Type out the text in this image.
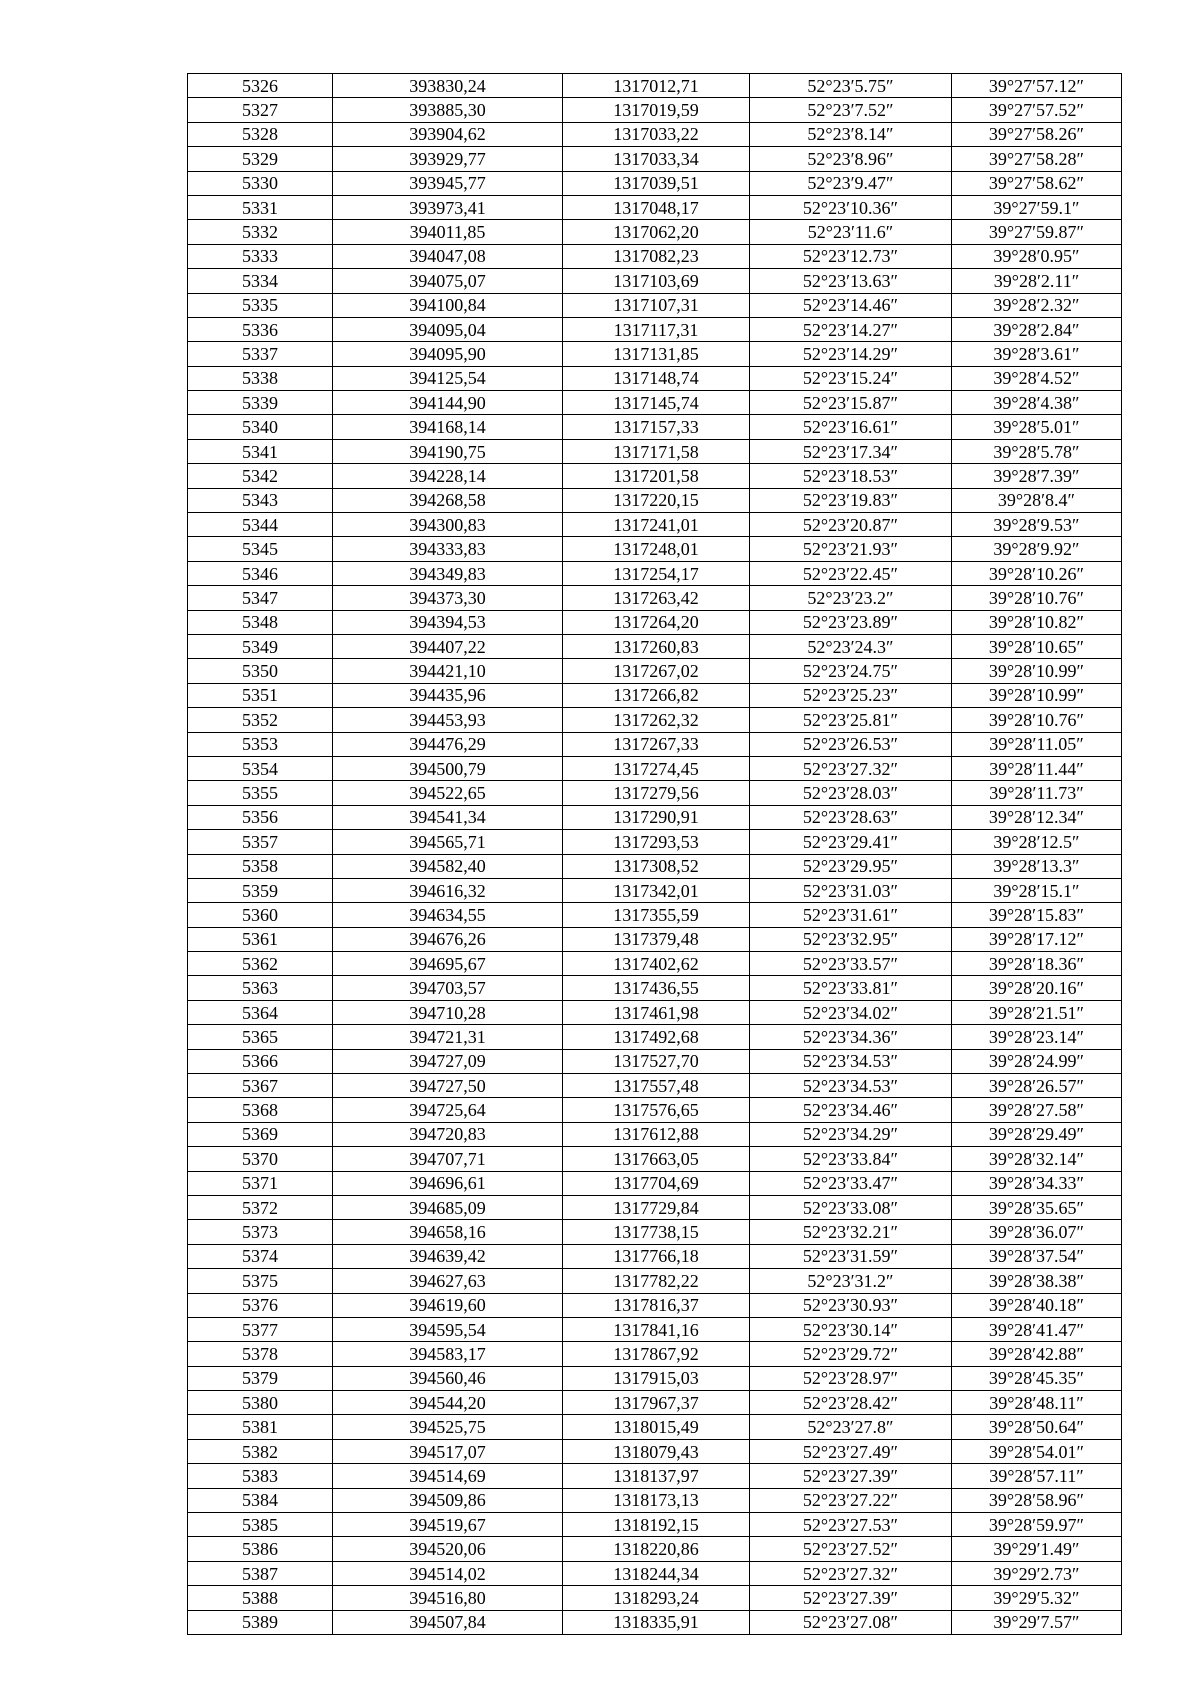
5326	393830,24	1317012,71	52°23′5.75″	39°27′57.12″
5327	393885,30	1317019,59	52°23′7.52″	39°27′57.52″
5328	393904,62	1317033,22	52°23′8.14″	39°27′58.26″
5329	393929,77	1317033,34	52°23′8.96″	39°27′58.28″
5330	393945,77	1317039,51	52°23′9.47″	39°27′58.62″
5331	393973,41	1317048,17	52°23′10.36″	39°27′59.1″
5332	394011,85	1317062,20	52°23′11.6″	39°27′59.87″
5333	394047,08	1317082,23	52°23′12.73″	39°28′0.95″
5334	394075,07	1317103,69	52°23′13.63″	39°28′2.11″
5335	394100,84	1317107,31	52°23′14.46″	39°28′2.32″
5336	394095,04	1317117,31	52°23′14.27″	39°28′2.84″
5337	394095,90	1317131,85	52°23′14.29″	39°28′3.61″
5338	394125,54	1317148,74	52°23′15.24″	39°28′4.52″
5339	394144,90	1317145,74	52°23′15.87″	39°28′4.38″
5340	394168,14	1317157,33	52°23′16.61″	39°28′5.01″
5341	394190,75	1317171,58	52°23′17.34″	39°28′5.78″
5342	394228,14	1317201,58	52°23′18.53″	39°28′7.39″
5343	394268,58	1317220,15	52°23′19.83″	39°28′8.4″
5344	394300,83	1317241,01	52°23′20.87″	39°28′9.53″
5345	394333,83	1317248,01	52°23′21.93″	39°28′9.92″
5346	394349,83	1317254,17	52°23′22.45″	39°28′10.26″
5347	394373,30	1317263,42	52°23′23.2″	39°28′10.76″
5348	394394,53	1317264,20	52°23′23.89″	39°28′10.82″
5349	394407,22	1317260,83	52°23′24.3″	39°28′10.65″
5350	394421,10	1317267,02	52°23′24.75″	39°28′10.99″
5351	394435,96	1317266,82	52°23′25.23″	39°28′10.99″
5352	394453,93	1317262,32	52°23′25.81″	39°28′10.76″
5353	394476,29	1317267,33	52°23′26.53″	39°28′11.05″
5354	394500,79	1317274,45	52°23′27.32″	39°28′11.44″
5355	394522,65	1317279,56	52°23′28.03″	39°28′11.73″
5356	394541,34	1317290,91	52°23′28.63″	39°28′12.34″
5357	394565,71	1317293,53	52°23′29.41″	39°28′12.5″
5358	394582,40	1317308,52	52°23′29.95″	39°28′13.3″
5359	394616,32	1317342,01	52°23′31.03″	39°28′15.1″
5360	394634,55	1317355,59	52°23′31.61″	39°28′15.83″
5361	394676,26	1317379,48	52°23′32.95″	39°28′17.12″
5362	394695,67	1317402,62	52°23′33.57″	39°28′18.36″
5363	394703,57	1317436,55	52°23′33.81″	39°28′20.16″
5364	394710,28	1317461,98	52°23′34.02″	39°28′21.51″
5365	394721,31	1317492,68	52°23′34.36″	39°28′23.14″
5366	394727,09	1317527,70	52°23′34.53″	39°28′24.99″
5367	394727,50	1317557,48	52°23′34.53″	39°28′26.57″
5368	394725,64	1317576,65	52°23′34.46″	39°28′27.58″
5369	394720,83	1317612,88	52°23′34.29″	39°28′29.49″
5370	394707,71	1317663,05	52°23′33.84″	39°28′32.14″
5371	394696,61	1317704,69	52°23′33.47″	39°28′34.33″
5372	394685,09	1317729,84	52°23′33.08″	39°28′35.65″
5373	394658,16	1317738,15	52°23′32.21″	39°28′36.07″
5374	394639,42	1317766,18	52°23′31.59″	39°28′37.54″
5375	394627,63	1317782,22	52°23′31.2″	39°28′38.38″
5376	394619,60	1317816,37	52°23′30.93″	39°28′40.18″
5377	394595,54	1317841,16	52°23′30.14″	39°28′41.47″
5378	394583,17	1317867,92	52°23′29.72″	39°28′42.88″
5379	394560,46	1317915,03	52°23′28.97″	39°28′45.35″
5380	394544,20	1317967,37	52°23′28.42″	39°28′48.11″
5381	394525,75	1318015,49	52°23′27.8″	39°28′50.64″
5382	394517,07	1318079,43	52°23′27.49″	39°28′54.01″
5383	394514,69	1318137,97	52°23′27.39″	39°28′57.11″
5384	394509,86	1318173,13	52°23′27.22″	39°28′58.96″
5385	394519,67	1318192,15	52°23′27.53″	39°28′59.97″
5386	394520,06	1318220,86	52°23′27.52″	39°29′1.49″
5387	394514,02	1318244,34	52°23′27.32″	39°29′2.73″
5388	394516,80	1318293,24	52°23′27.39″	39°29′5.32″
5389	394507,84	1318335,91	52°23′27.08″	39°29′7.57″
